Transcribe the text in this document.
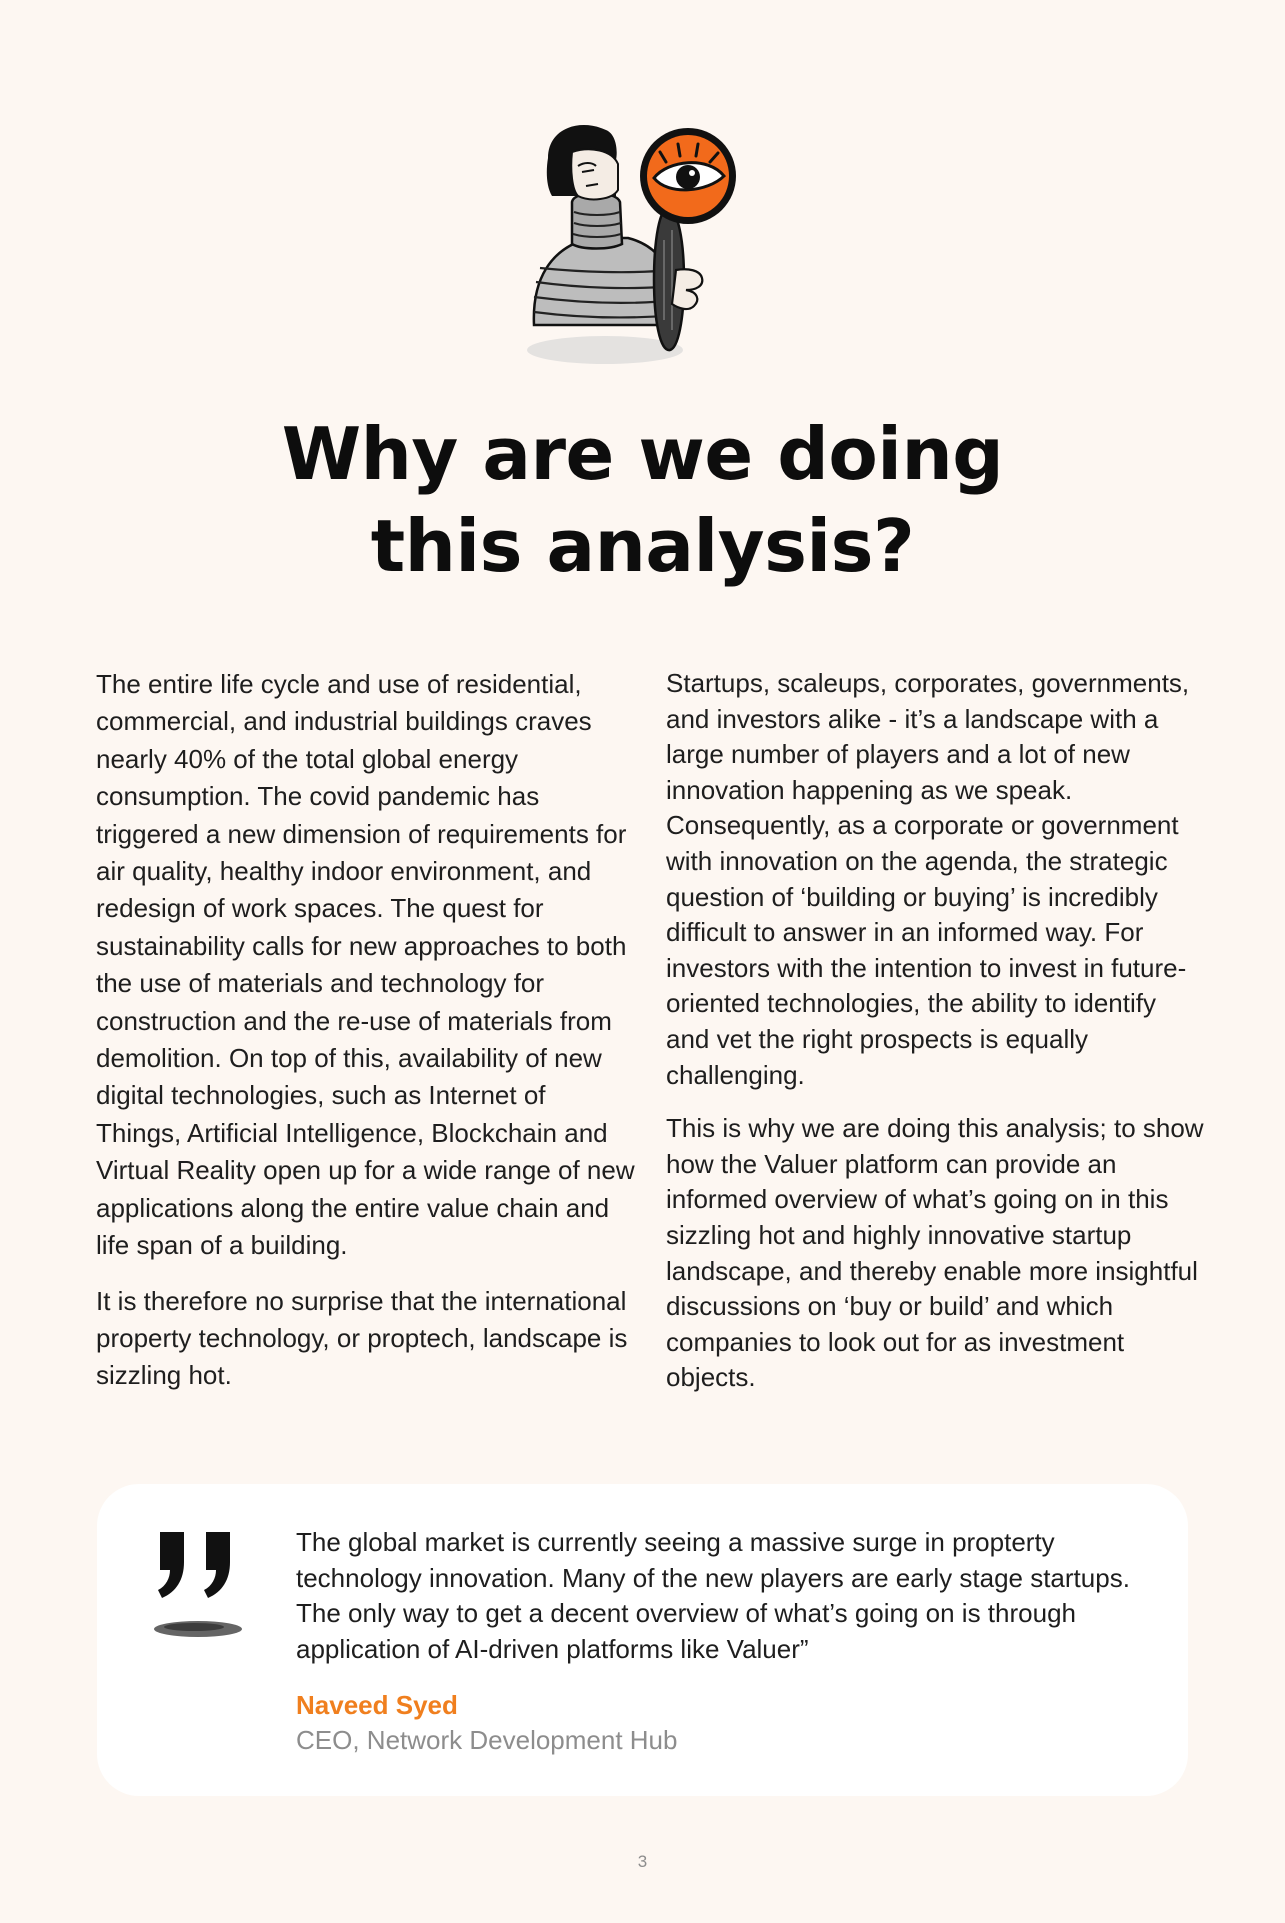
Why are we doing
this analysis?

The entire life cycle and use of residential, commercial, and industrial buildings craves nearly 40% of the total global energy consumption. The covid pandemic has triggered a new dimension of requirements for air quality, healthy indoor environment, and redesign of work spaces. The quest for sustainability calls for new approaches to both the use of materials and technology for construction and the re-use of materials from demolition. On top of this, availability of new digital technologies, such as Internet of Things, Artificial Intelligence, Blockchain and Virtual Reality open up for a wide range of new applications along the entire value chain and life span of a building.

It is therefore no surprise that the international property technology, or proptech, landscape is sizzling hot.

Startups, scaleups, corporates, governments, and investors alike - it’s a landscape with a large number of players and a lot of new innovation happening as we speak. Consequently, as a corporate or government with innovation on the agenda, the strategic question of ‘building or buying’ is incredibly difficult to answer in an informed way. For investors with the intention to invest in future-oriented technologies, the ability to identify and vet the right prospects is equally challenging.

This is why we are doing this analysis; to show how the Valuer platform can provide an informed overview of what’s going on in this sizzling hot and highly innovative startup landscape, and thereby enable more insightful discussions on ‘buy or build’ and which companies to look out for as investment objects.

The global market is currently seeing a massive surge in propterty technology innovation. Many of the new players are early stage startups. The only way to get a decent overview of what’s going on is through application of AI-driven platforms like Valuer”

Naveed Syed
CEO, Network Development Hub
3
